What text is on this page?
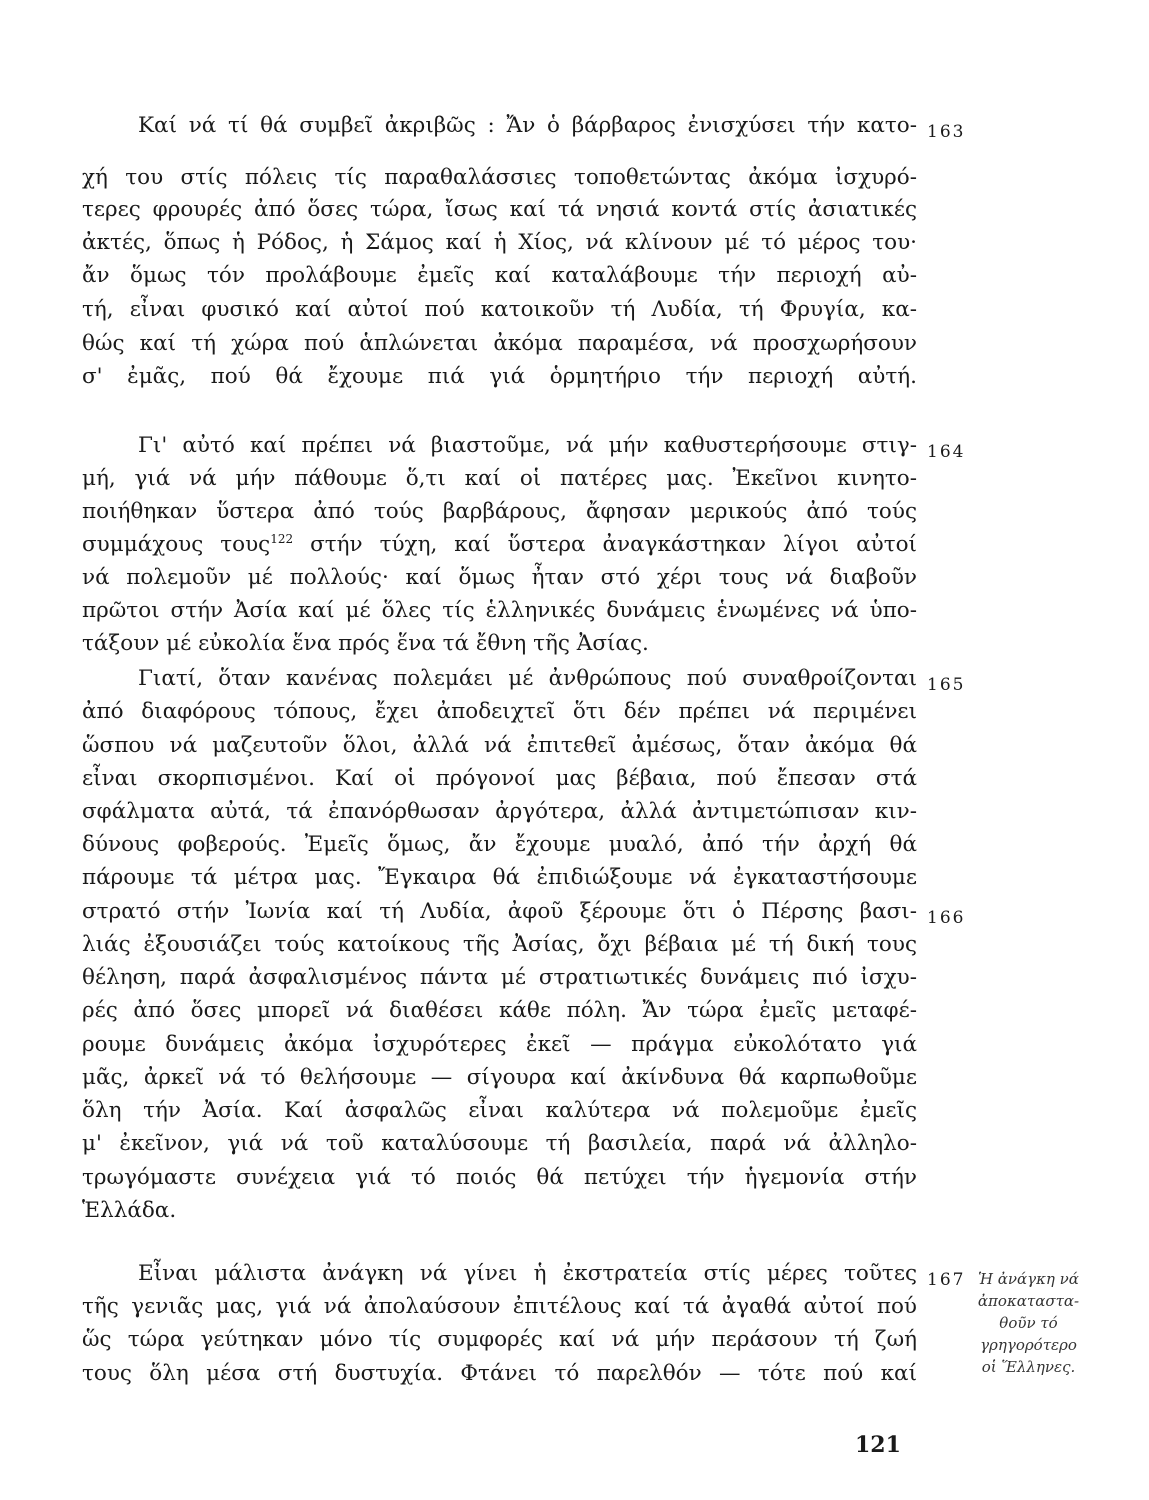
Καί νά τί θά συμβεῖ ἀκριβῶς : Ἄν ὁ βάρβαρος ἐνισχύσει τήν κατο-
χή του στίς πόλεις τίς παραθαλάσσιες τοποθετώντας ἀκόμα ἰσχυρό-
τερες φρουρές ἀπό ὅσες τώρα, ἴσως καί τά νησιά κοντά στίς ἀσιατικές
ἀκτές, ὅπως ἡ Ρόδος, ἡ Σάμος καί ἡ Χίος, νά κλίνουν μέ τό μέρος του·
ἄν ὅμως τόν προλάβουμε ἐμεῖς καί καταλάβουμε τήν περιοχή αὐ-
τή, εἶναι φυσικό καί αὐτοί πού κατοικοῦν τή Λυδία, τή Φρυγία, κα-
θώς καί τή χώρα πού ἁπλώνεται ἀκόμα παραμέσα, νά προσχωρήσουν
σ' ἐμᾶς, πού θά ἔχουμε πιά γιά ὁρμητήριο τήν περιοχή αὐτή.
Γι' αὐτό καί πρέπει νά βιαστοῦμε, νά μήν καθυστερήσουμε στιγ-
μή, γιά νά μήν πάθουμε ὅ,τι καί οἱ πατέρες μας. Ἐκεῖνοι κινητο-
ποιήθηκαν ὕστερα ἀπό τούς βαρβάρους, ἄφησαν μερικούς ἀπό τούς
συμμάχους τους$^{122}$ στήν τύχη, καί ὕστερα ἀναγκάστηκαν λίγοι αὐτοί
νά πολεμοῦν μέ πολλούς· καί ὅμως ἦταν στό χέρι τους νά διαβοῦν
πρῶτοι στήν Ἀσία καί μέ ὅλες τίς ἑλληνικές δυνάμεις ἑνωμένες νά ὑπο-
τάξουν μέ εὐκολία ἕνα πρός ἕνα τά ἔθνη τῆς Ἀσίας.
Γιατί, ὅταν κανένας πολεμάει μέ ἀνθρώπους πού συναθροίζονται
ἀπό διαφόρους τόπους, ἔχει ἀποδειχτεῖ ὅτι δέν πρέπει νά περιμένει
ὥσπου νά μαζευτοῦν ὅλοι, ἀλλά νά ἐπιτεθεῖ ἀμέσως, ὅταν ἀκόμα θά
εἶναι σκορπισμένοι. Καί οἱ πρόγονοί μας βέβαια, πού ἔπεσαν στά
σφάλματα αὐτά, τά ἐπανόρθωσαν ἀργότερα, ἀλλά ἀντιμετώπισαν κιν-
δύνους φοβερούς. Ἐμεῖς ὅμως, ἄν ἔχουμε μυαλό, ἀπό τήν ἀρχή θά
πάρουμε τά μέτρα μας. Ἔγκαιρα θά ἐπιδιώξουμε νά ἐγκαταστήσουμε
στρατό στήν Ἰωνία καί τή Λυδία, ἀφοῦ ξέρουμε ὅτι ὁ Πέρσης βασι-
λιάς ἐξουσιάζει τούς κατοίκους τῆς Ἀσίας, ὄχι βέβαια μέ τή δική τους
θέληση, παρά ἀσφαλισμένος πάντα μέ στρατιωτικές δυνάμεις πιό ἰσχυ-
ρές ἀπό ὅσες μπορεῖ νά διαθέσει κάθε πόλη. Ἄν τώρα ἐμεῖς μεταφέ-
ρουμε δυνάμεις ἀκόμα ἰσχυρότερες ἐκεῖ — πράγμα εὐκολότατο γιά
μᾶς, ἀρκεῖ νά τό θελήσουμε — σίγουρα καί ἀκίνδυνα θά καρπωθοῦμε
ὅλη τήν Ἀσία. Καί ἀσφαλῶς εἶναι καλύτερα νά πολεμοῦμε ἐμεῖς
μ' ἐκεῖνον, γιά νά τοῦ καταλύσουμε τή βασιλεία, παρά νά ἀλληλο-
τρωγόμαστε συνέχεια γιά τό ποιός θά πετύχει τήν ἡγεμονία στήν
Ἑλλάδα.
Εἶναι μάλιστα ἀνάγκη νά γίνει ἡ ἐκστρατεία στίς μέρες τοῦτες
τῆς γενιᾶς μας, γιά νά ἀπολαύσουν ἐπιτέλους καί τά ἀγαθά αὐτοί πού
ὥς τώρα γεύτηκαν μόνο τίς συμφορές καί νά μήν περάσουν τή ζωή
τους ὅλη μέσα στή δυστυχία. Φτάνει τό παρελθόν — τότε πού καί
163
164
165
166
167 Ἡ ἀνάγκη νά
ἀποκαταστα-
θοῦν τό
γρηγορότερο
οἱ Ἕλληνες.
121
